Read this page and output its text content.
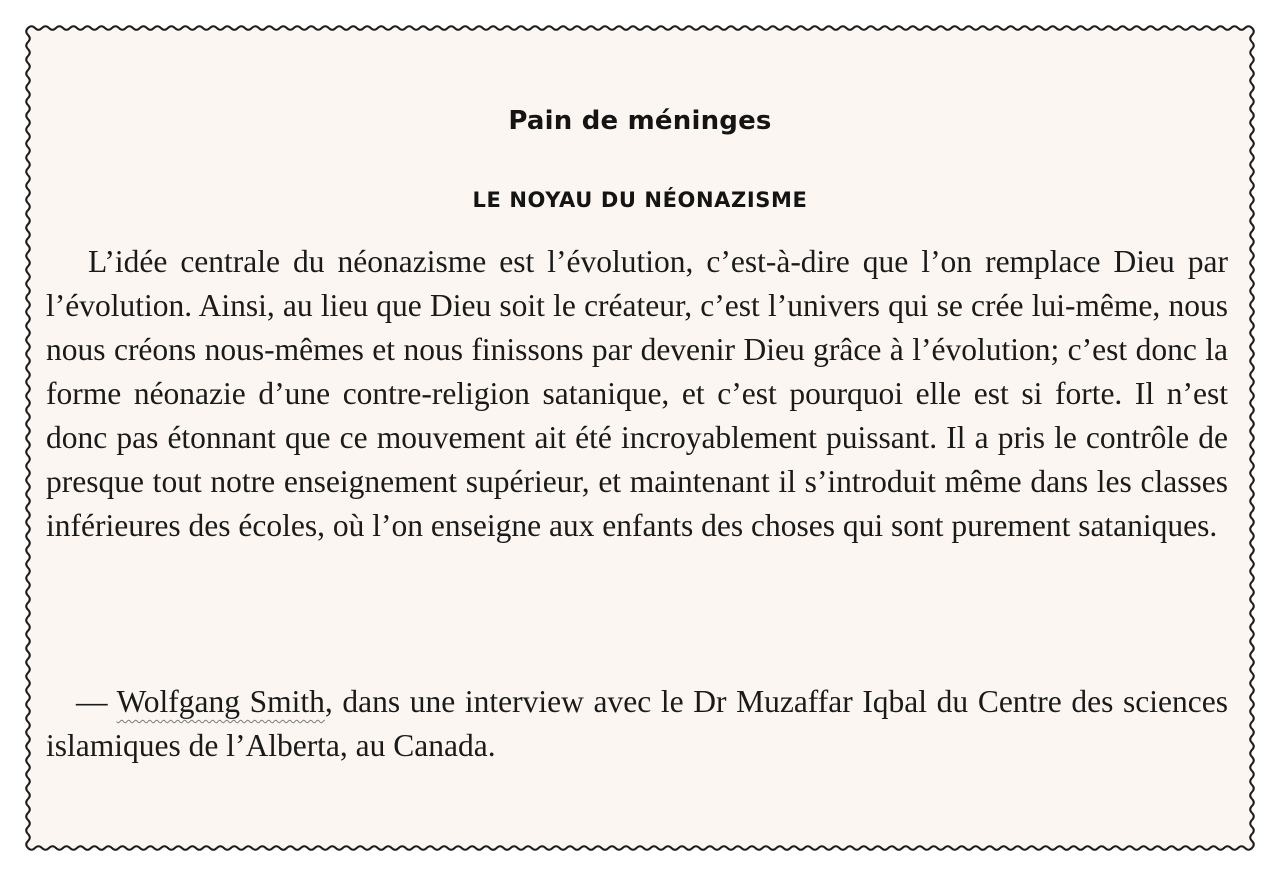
Pain de méninges
LE NOYAU DU NÉONAZISME

L’idée centrale du néonazisme est l’évolution, c’est-à-dire que l’on remplace Dieu par l’évolution. Ainsi, au lieu que Dieu soit le créateur, c’est l’univers qui se crée lui-même, nous nous créons nous-mêmes et nous finissons par devenir Dieu grâce à l’évolution; c’est donc la forme néonazie d’une contre-religion satanique, et c’est pourquoi elle est si forte. Il n’est donc pas étonnant que ce mouvement ait été incroyablement puissant. Il a pris le contrôle de presque tout notre enseignement supérieur, et maintenant il s’introduit même dans les classes inférieures des écoles, où l’on enseigne aux enfants des choses qui sont purement sataniques.

— Wolfgang Smith, dans une interview avec le Dr Muzaffar Iqbal du Centre des sciences islamiques de l’Alberta, au Canada.
